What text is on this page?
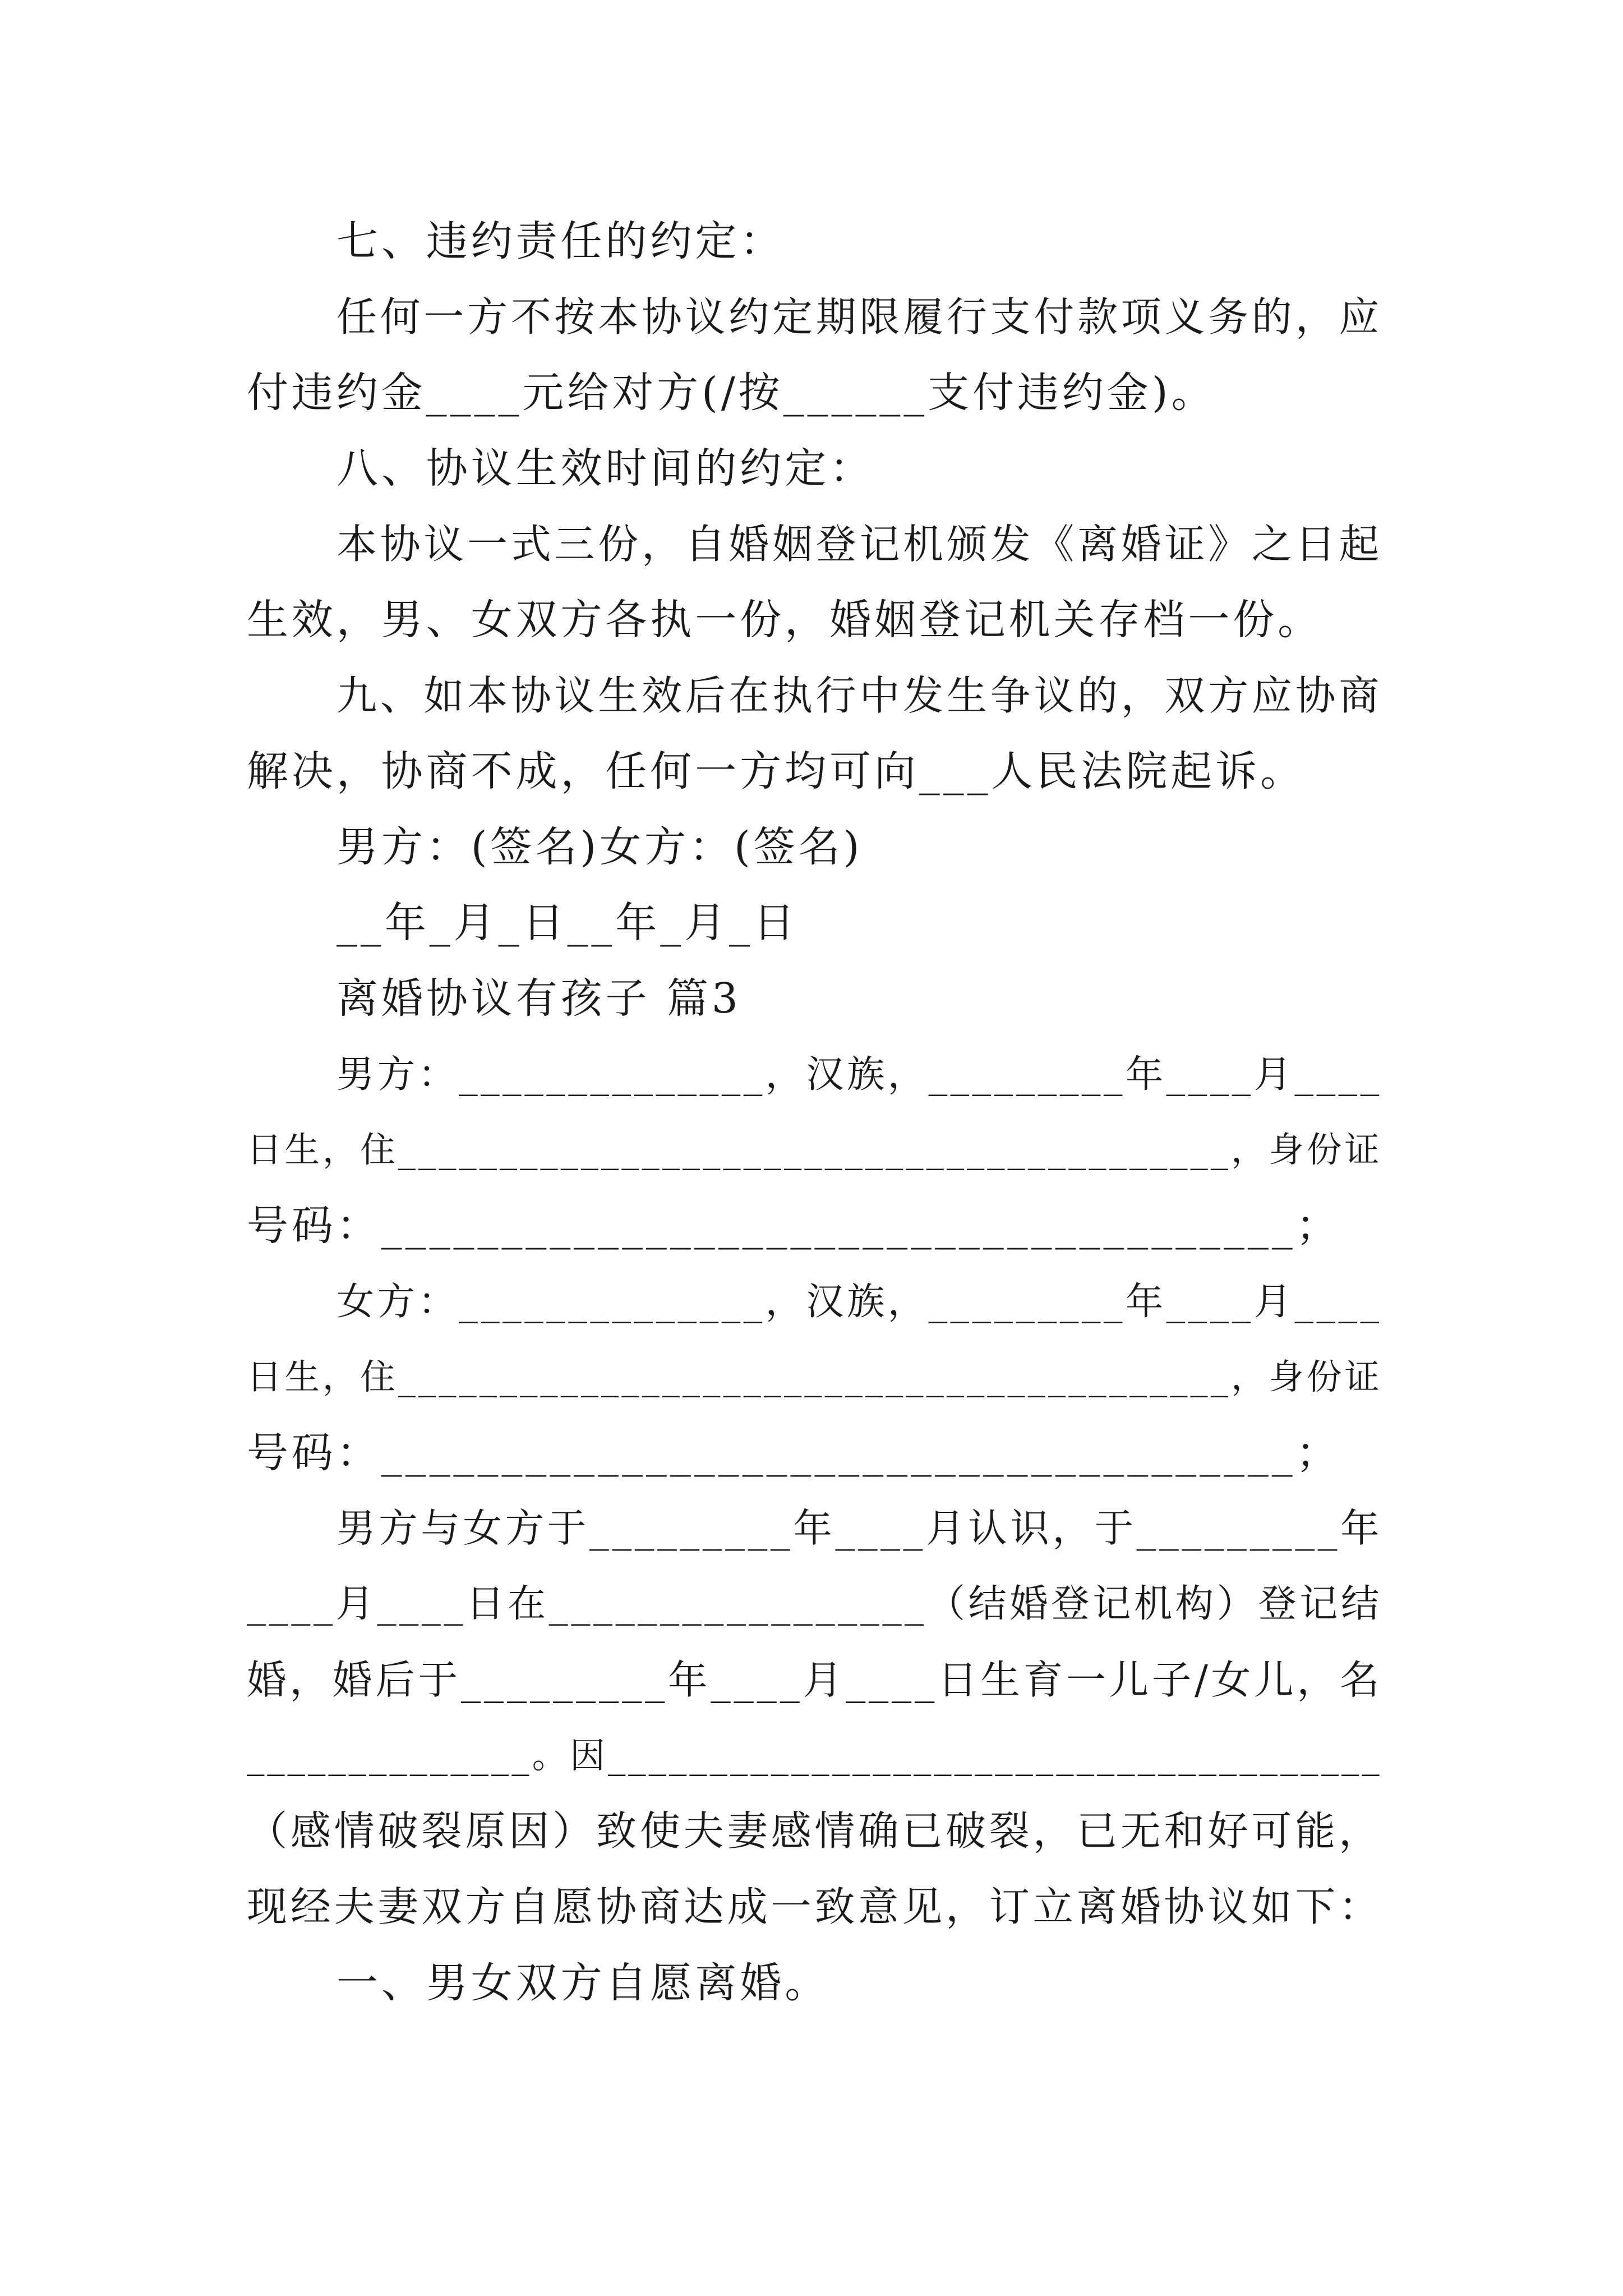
七、违约责任的约定：
任何一方不按本协议约定期限履行支付款项义务的，应
付违约金____元给对方(/按______支付违约金)。
八、协议生效时间的约定：
本协议一式三份，自婚姻登记机颁发《离婚证》之日起
生效，男、女双方各执一份，婚姻登记机关存档一份。
九、如本协议生效后在执行中发生争议的，双方应协商
解决，协商不成，任何一方均可向___人民法院起诉。
男方：(签名)女方：(签名)
__年_月_日__年_月_日
离婚协议有孩子 篇3
男方：______________，汉族，_________年____月____
日生，住_________________________________________，身份证
号码：______________________________________；
女方：______________，汉族，_________年____月____
日生，住_________________________________________，身份证
号码：______________________________________；
男方与女方于_________年____月认识，于_________年
____月____日在_________________（结婚登记机构）登记结
婚，婚后于_________年____月____日生育一儿子/女儿，名
______________。因______________________________________
（感情破裂原因）致使夫妻感情确已破裂，已无和好可能，
现经夫妻双方自愿协商达成一致意见，订立离婚协议如下：
一、男女双方自愿离婚。
